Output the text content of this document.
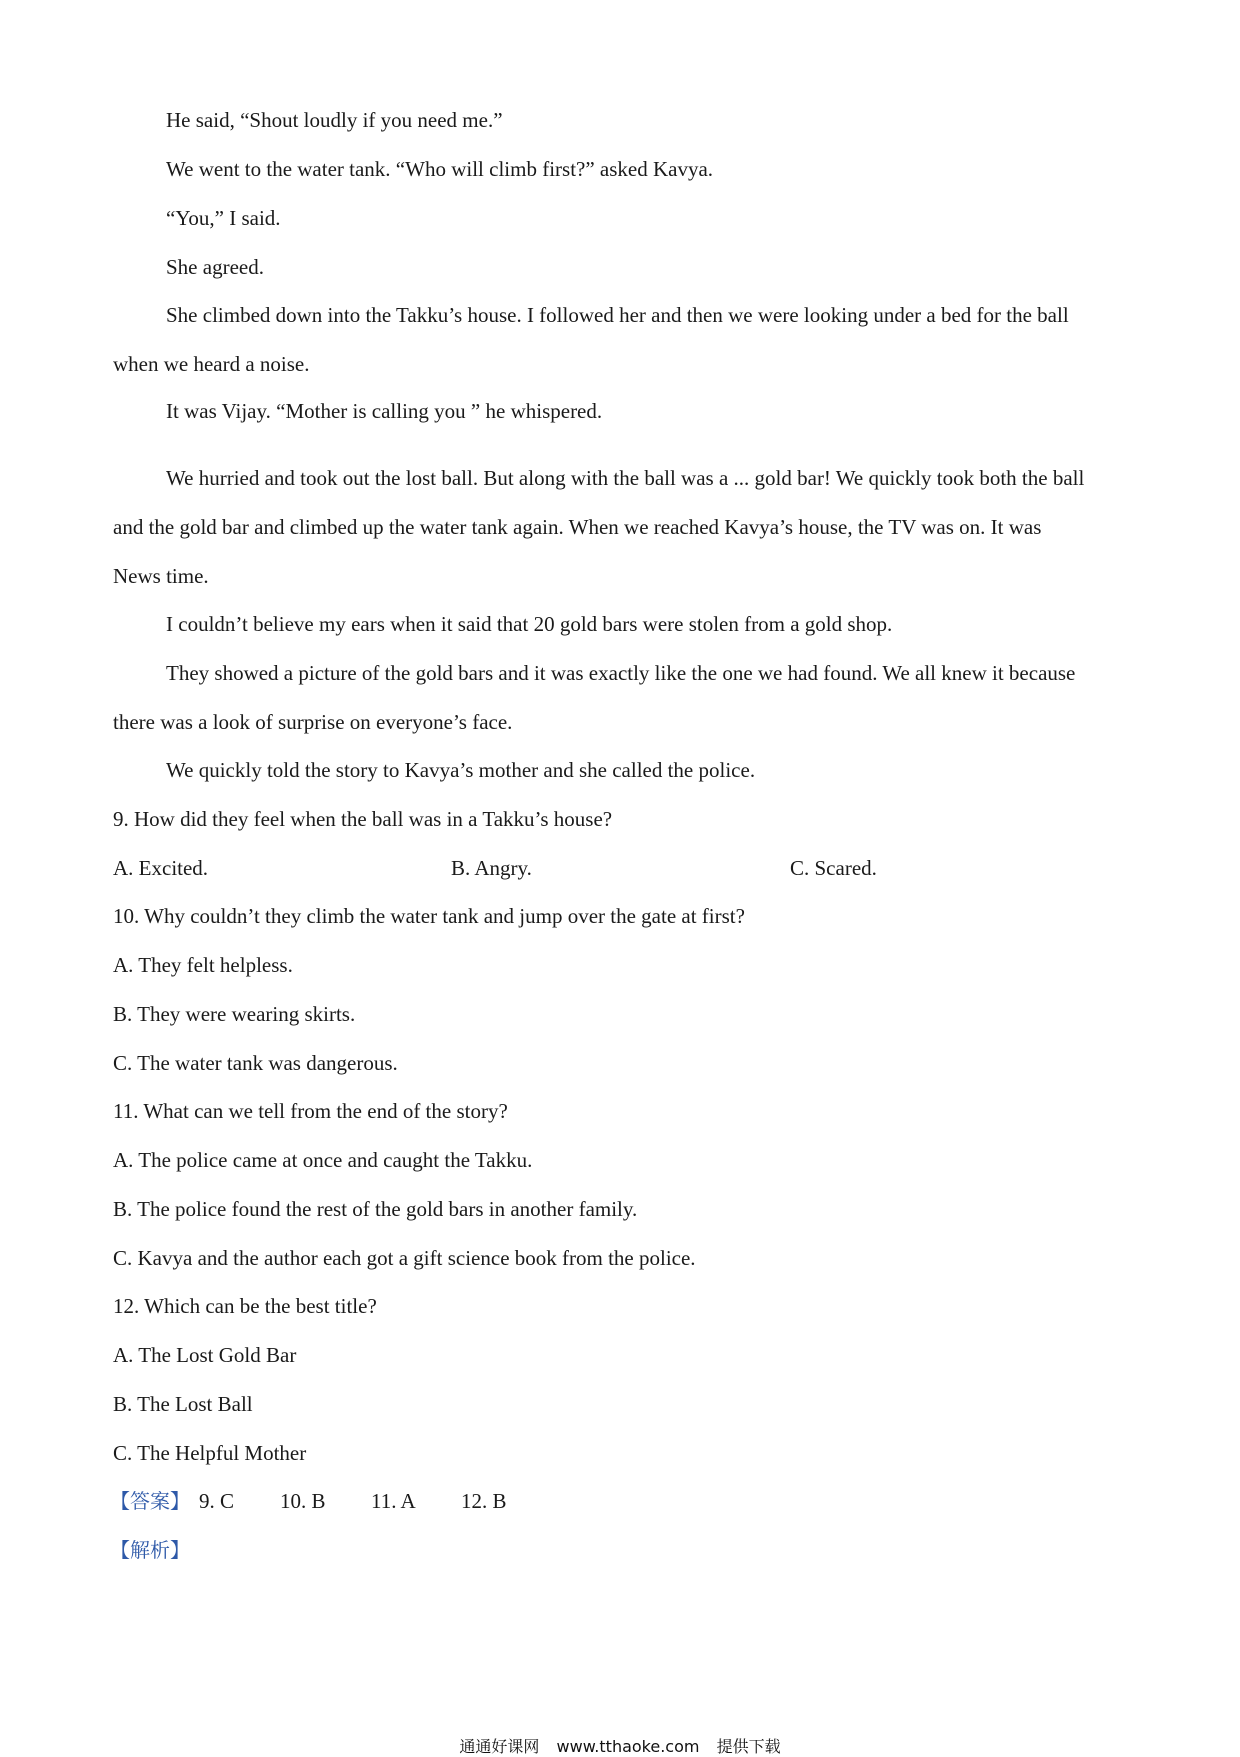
He said, “Shout loudly if you need me.”
We went to the water tank. “Who will climb first?” asked Kavya.
“You,” I said.
She agreed.
She climbed down into the Takku’s house. I followed her and then we were looking under a bed for the ball
when we heard a noise.
It was Vijay. “Mother is calling you ” he whispered.
We hurried and took out the lost ball. But along with the ball was a ... gold bar! We quickly took both the ball
and the gold bar and climbed up the water tank again. When we reached Kavya’s house, the TV was on. It was
News time.
I couldn’t believe my ears when it said that 20 gold bars were stolen from a gold shop.
They showed a picture of the gold bars and it was exactly like the one we had found. We all knew it because
there was a look of surprise on everyone’s face.
We quickly told the story to Kavya’s mother and she called the police.
9. How did they feel when the ball was in a Takku’s house?
A. Excited.	B. Angry.	C. Scared.
10. Why couldn’t they climb the water tank and jump over the gate at first?
A. They felt helpless.
B. They were wearing skirts.
C. The water tank was dangerous.
11. What can we tell from the end of the story?
A. The police came at once and caught the Takku.
B. The police found the rest of the gold bars in another family.
C. Kavya and the author each got a gift science book from the police.
12. Which can be the best title?
A. The Lost Gold Bar
B. The Lost Ball
C. The Helpful Mother
【答案】 9. C 10. B 11. A 12. B
【解析】
通通好课网 www.tthaoke.com 提供下载
